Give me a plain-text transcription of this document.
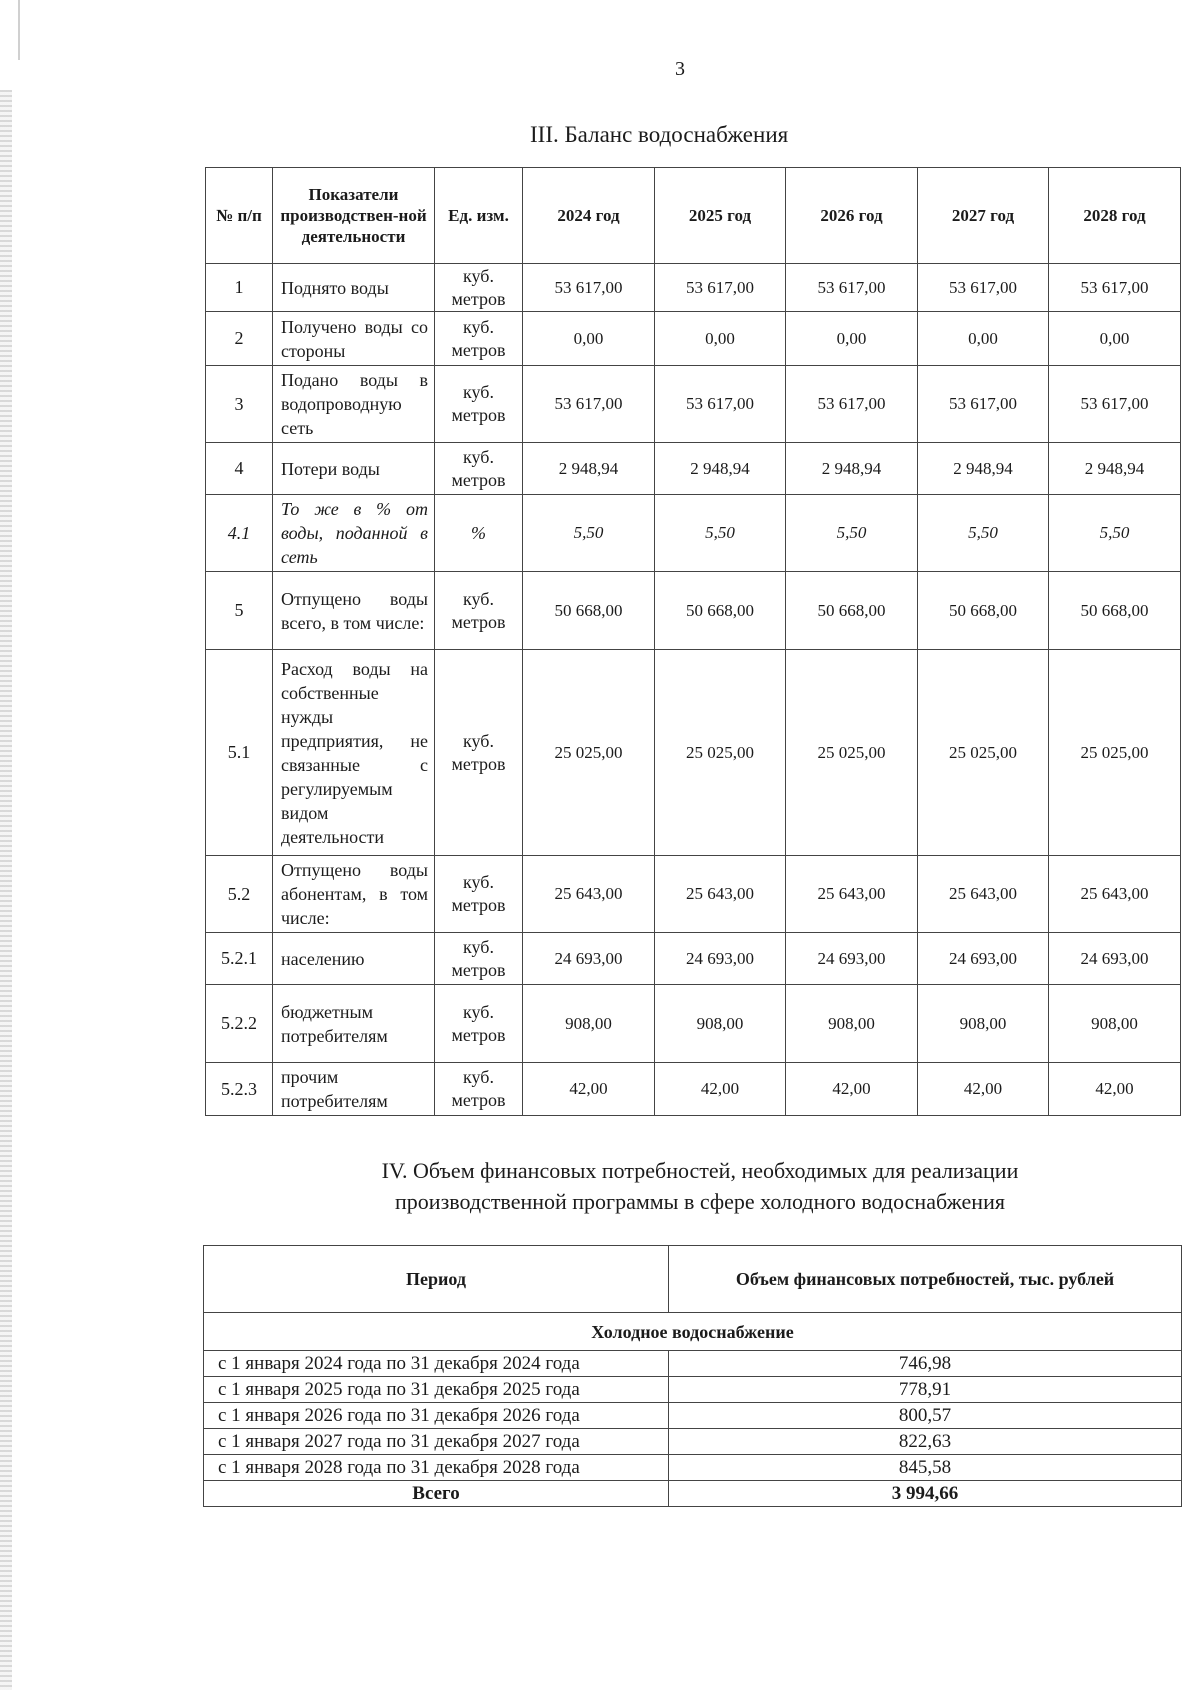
3
III. Баланс водоснабжения
№ п/п	Показатели производствен-ной деятельности	Ед. изм.	2024 год	2025 год	2026 год	2027 год	2028 год
1	Поднято воды	куб. метров	53 617,00	53 617,00	53 617,00	53 617,00	53 617,00
2	Получено воды со стороны	куб. метров	0,00	0,00	0,00	0,00	0,00
3	Подано воды в водопроводную сеть	куб. метров	53 617,00	53 617,00	53 617,00	53 617,00	53 617,00
4	Потери воды	куб. метров	2 948,94	2 948,94	2 948,94	2 948,94	2 948,94
4.1	То же в % от воды, поданной в сеть	%	5,50	5,50	5,50	5,50	5,50
5	Отпущено воды всего, в том числе:	куб. метров	50 668,00	50 668,00	50 668,00	50 668,00	50 668,00
5.1	Расход воды на собственные нужды предприятия, не связанные с регулируемым видом деятельности	куб. метров	25 025,00	25 025,00	25 025,00	25 025,00	25 025,00
5.2	Отпущено воды абонентам, в том числе:	куб. метров	25 643,00	25 643,00	25 643,00	25 643,00	25 643,00
5.2.1	населению	куб. метров	24 693,00	24 693,00	24 693,00	24 693,00	24 693,00
5.2.2	бюджетным потребителям	куб. метров	908,00	908,00	908,00	908,00	908,00
5.2.3	прочим потребителям	куб. метров	42,00	42,00	42,00	42,00	42,00
IV. Объем финансовых потребностей, необходимых для реализации
производственной программы в сфере холодного водоснабжения
Период	Объем финансовых потребностей, тыс. рублей
Холодное водоснабжение	
с 1 января 2024 года по 31 декабря 2024 года	746,98
с 1 января 2025 года по 31 декабря 2025 года	778,91
с 1 января 2026 года по 31 декабря 2026 года	800,57
с 1 января 2027 года по 31 декабря 2027 года	822,63
с 1 января 2028 года по 31 декабря 2028 года	845,58
Всего	3 994,66
